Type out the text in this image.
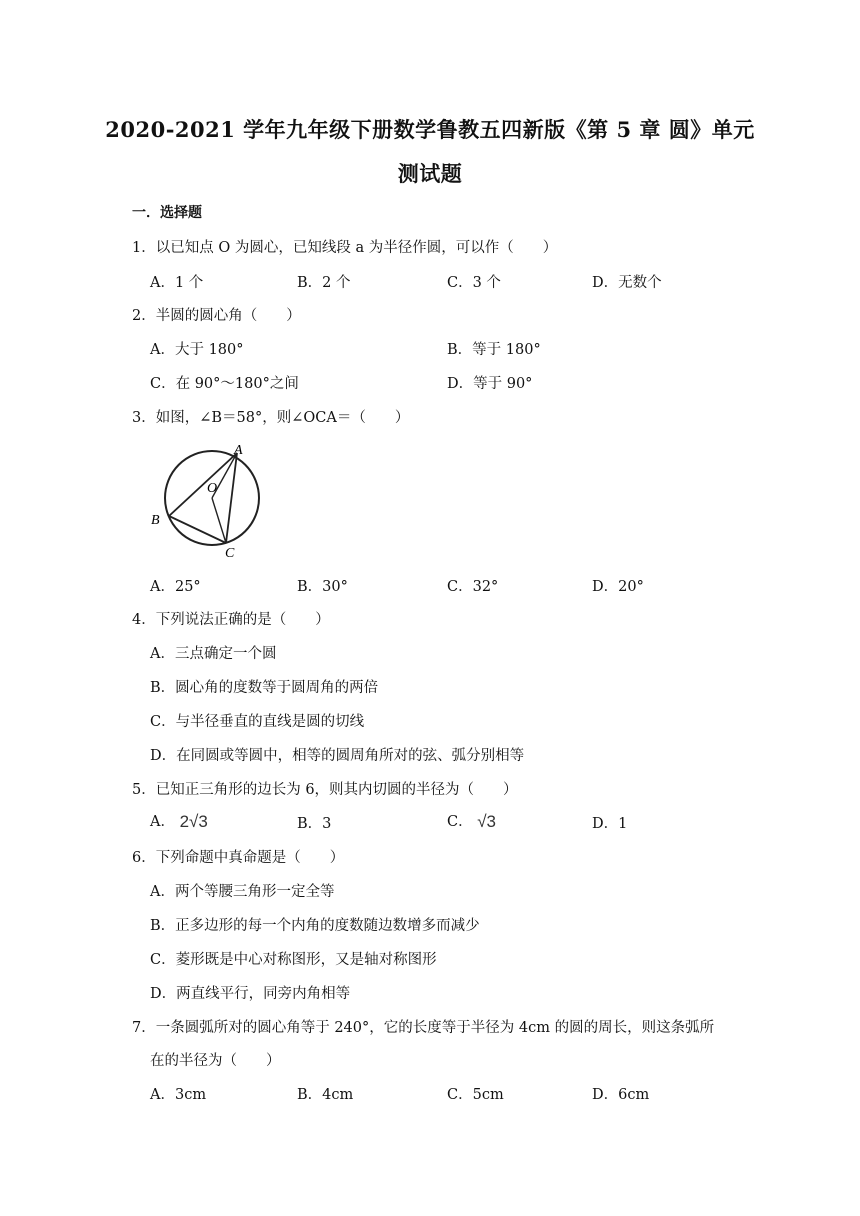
2020-2021 学年九年级下册数学鲁教五四新版《第 5 章 圆》单元
测试题
一．选择题
1．以已知点 O 为圆心，已知线段 a 为半径作圆，可以作（　　）
A．1 个	B．2 个	C．3 个	D．无数个
2．半圆的圆心角（　　）
A．大于 180°	B．等于 180°
C．在 90°～180°之间	D．等于 90°
3．如图，∠B＝58°，则∠OCA＝（　　）
A
B
C
O
A．25°	B．30°	C．32°	D．20°
4．下列说法正确的是（　　）
A．三点确定一个圆
B．圆心角的度数等于圆周角的两倍
C．与半径垂直的直线是圆的切线
D．在同圆或等圆中，相等的圆周角所对的弦、弧分别相等
5．已知正三角形的边长为 6，则其内切圆的半径为（　　）
A． 2√3	B．3	C． √3	D．1
6．下列命题中真命题是（　　）
A．两个等腰三角形一定全等
B．正多边形的每一个内角的度数随边数增多而减少
C．菱形既是中心对称图形，又是轴对称图形
D．两直线平行，同旁内角相等
7．一条圆弧所对的圆心角等于 240°，它的长度等于半径为 4cm 的圆的周长，则这条弧所
在的半径为（　　）
A．3cm	B．4cm	C．5cm	D．6cm
